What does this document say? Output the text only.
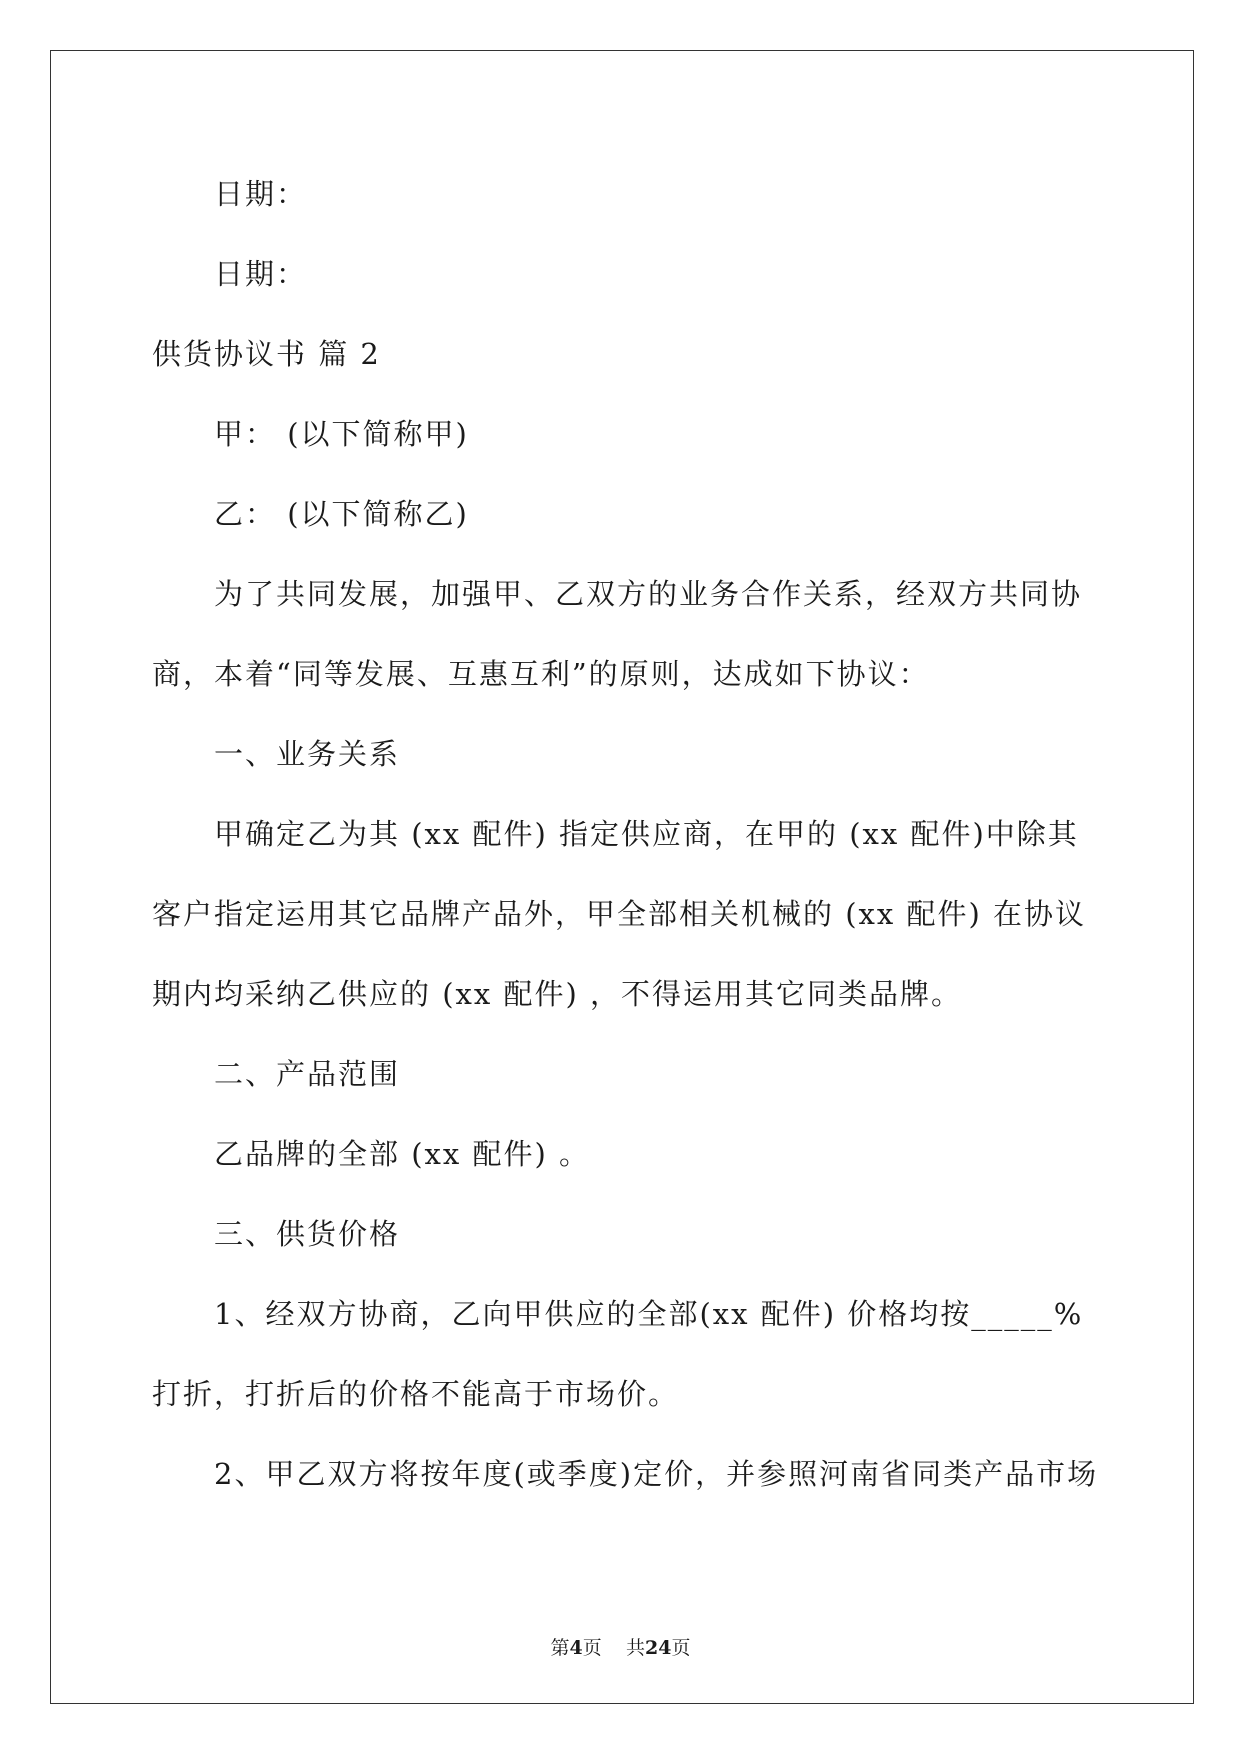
日期：
日期：
供货协议书 篇 2
甲： (以下简称甲)
乙： (以下简称乙)
为了共同发展，加强甲、乙双方的业务合作关系，经双方共同协
商，本着“同等发展、互惠互利”的原则，达成如下协议：
一、业务关系
甲确定乙为其 (xx 配件) 指定供应商，在甲的 (xx 配件)中除其
客户指定运用其它品牌产品外，甲全部相关机械的 (xx 配件) 在协议
期内均采纳乙供应的 (xx 配件) ，不得运用其它同类品牌。
二、产品范围
乙品牌的全部 (xx 配件) 。
三、供货价格
1、经双方协商，乙向甲供应的全部(xx 配件) 价格均按_____%
打折，打折后的价格不能高于市场价。
2、甲乙双方将按年度(或季度)定价，并参照河南省同类产品市场
第4页 共24页
